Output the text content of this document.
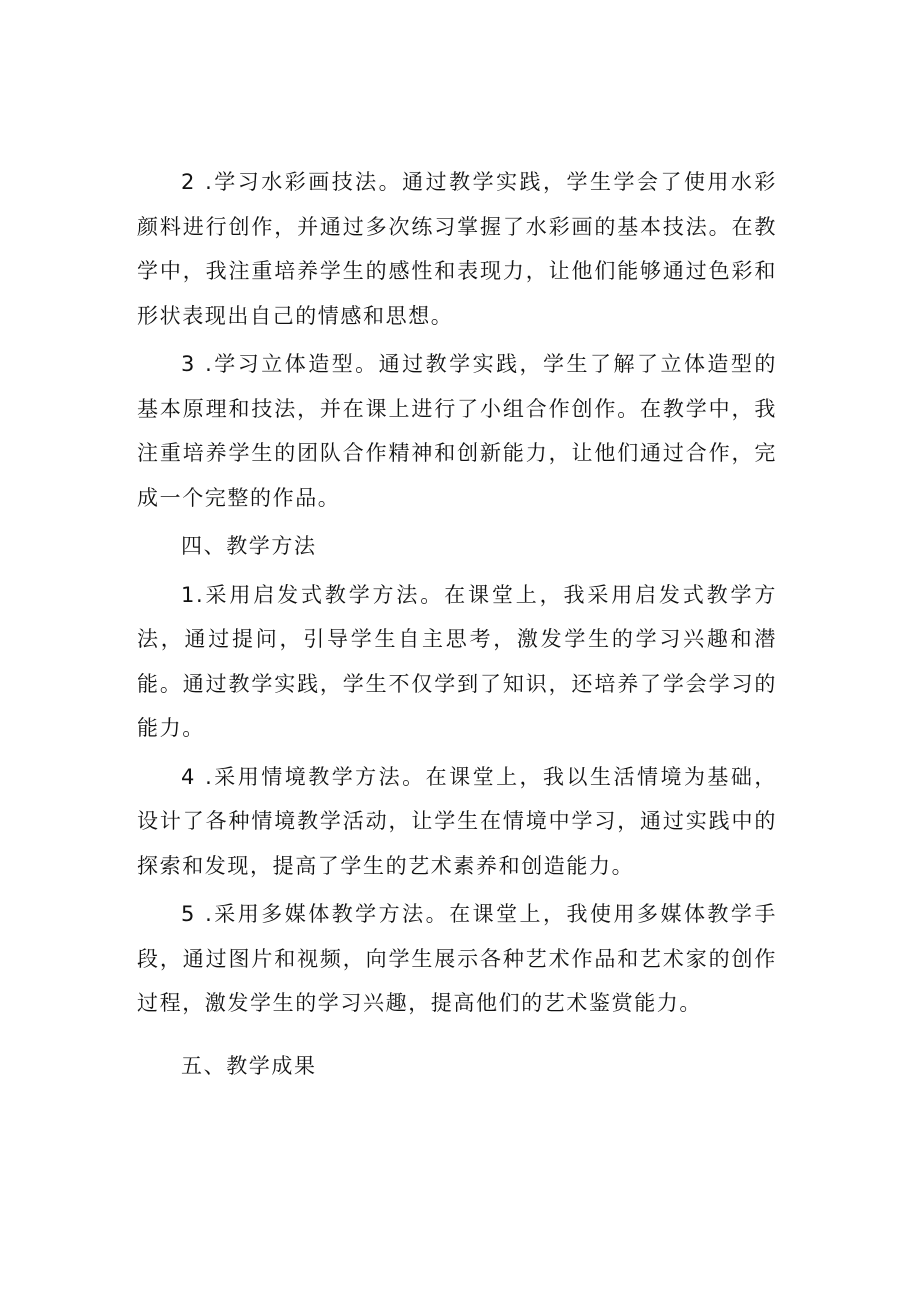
2 .学习水彩画技法。通过教学实践，学生学会了使用水彩颜料进行创作，并通过多次练习掌握了水彩画的基本技法。在教学中，我注重培养学生的感性和表现力，让他们能够通过色彩和形状表现出自己的情感和思想。

3 .学习立体造型。通过教学实践，学生了解了立体造型的基本原理和技法，并在课上进行了小组合作创作。在教学中，我注重培养学生的团队合作精神和创新能力，让他们通过合作，完成一个完整的作品。

四、教学方法

1.采用启发式教学方法。在课堂上，我采用启发式教学方法，通过提问，引导学生自主思考，激发学生的学习兴趣和潜能。通过教学实践，学生不仅学到了知识，还培养了学会学习的能力。

4 .采用情境教学方法。在课堂上，我以生活情境为基础，设计了各种情境教学活动，让学生在情境中学习，通过实践中的探索和发现，提高了学生的艺术素养和创造能力。

5 .采用多媒体教学方法。在课堂上，我使用多媒体教学手段，通过图片和视频，向学生展示各种艺术作品和艺术家的创作过程，激发学生的学习兴趣，提高他们的艺术鉴赏能力。

五、教学成果
